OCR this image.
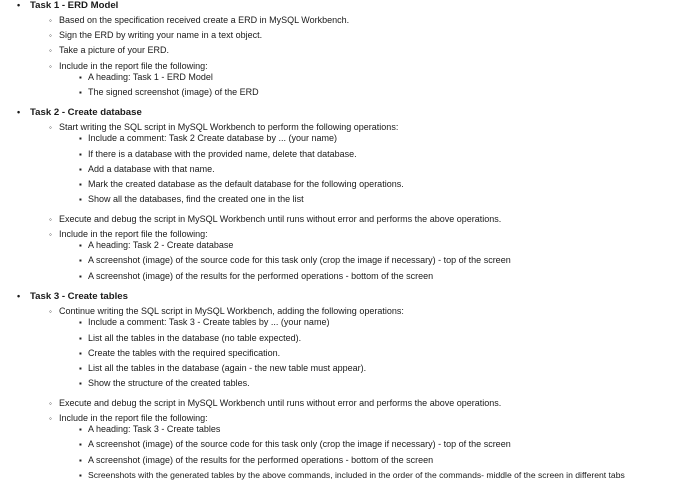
• Task 1 - ERD Model
◦ Based on the specification received create a ERD in MySQL Workbench.
◦ Sign the ERD by writing your name in a text object.
◦ Take a picture of your ERD.
◦ Include in the report file the following:
▪ A heading: Task 1 - ERD Model
▪ The signed screenshot (image) of the ERD
• Task 2 - Create database
◦ Start writing the SQL script in MySQL Workbench to perform the following operations:
▪ Include a comment: Task 2 Create database by ... (your name)
▪ If there is a database with the provided name, delete that database.
▪ Add a database with that name.
▪ Mark the created database as the default database for the following operations.
▪ Show all the databases, find the created one in the list
◦ Execute and debug the script in MySQL Workbench until runs without error and performs the above operations.
◦ Include in the report file the following:
▪ A heading: Task 2 - Create database
▪ A screenshot (image) of the source code for this task only (crop the image if necessary) - top of the screen
▪ A screenshot (image) of the results for the performed operations - bottom of the screen
• Task 3 - Create tables
◦ Continue writing the SQL script in MySQL Workbench, adding the following operations:
▪ Include a comment: Task 3 - Create tables by ... (your name)
▪ List all the tables in the database (no table expected).
▪ Create the tables with the required specification.
▪ List all the tables in the database (again - the new table must appear).
▪ Show the structure of the created tables.
◦ Execute and debug the script in MySQL Workbench until runs without error and performs the above operations.
◦ Include in the report file the following:
▪ A heading: Task 3 - Create tables
▪ A screenshot (image) of the source code for this task only (crop the image if necessary) - top of the screen
▪ A screenshot (image) of the results for the performed operations - bottom of the screen
▪ Screenshots with the generated tables by the above commands, included in the order of the commands- middle of the screen in different tabs
